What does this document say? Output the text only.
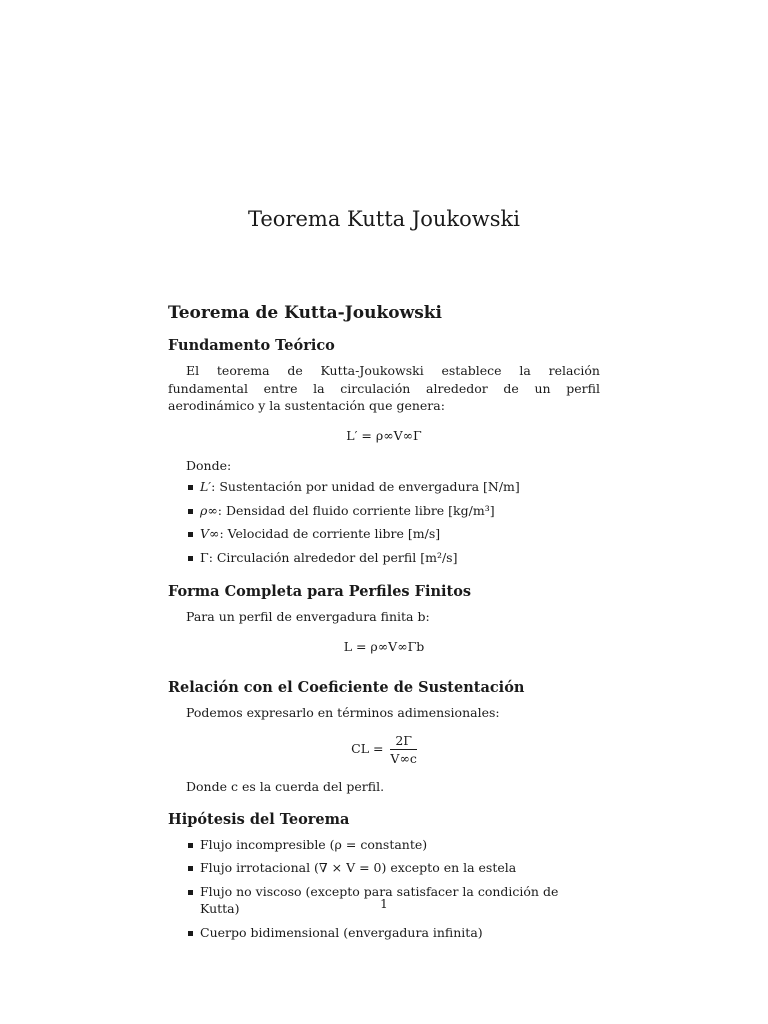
Teorema Kutta Joukowski
Teorema de Kutta-Joukowski
Fundamento Teórico

El teorema de Kutta-Joukowski establece la relación fundamental entre la circulación alrededor de un perfil aerodinámico y la sustentación que genera:

L′ = ρ∞V∞Γ

Donde:

L′: Sustentación por unidad de envergadura [N/m]
ρ∞: Densidad del fluido corriente libre [kg/m³]
V∞: Velocidad de corriente libre [m/s]
Γ: Circulación alrededor del perfil [m²/s]
Forma Completa para Perfiles Finitos

Para un perfil de envergadura finita b:

L = ρ∞V∞Γb
Relación con el Coeficiente de Sustentación

Podemos expresarlo en términos adimensionales:

CL = $\frac{2\Gamma}{V\infty c}$

Donde c es la cuerda del perfil.

Hipótesis del Teorema
Flujo incompresible (ρ = constante)
Flujo irrotacional (∇ × V = 0) excepto en la estela
Flujo no viscoso (excepto para satisfacer la condición de Kutta)
Cuerpo bidimensional (envergadura infinita)
1
